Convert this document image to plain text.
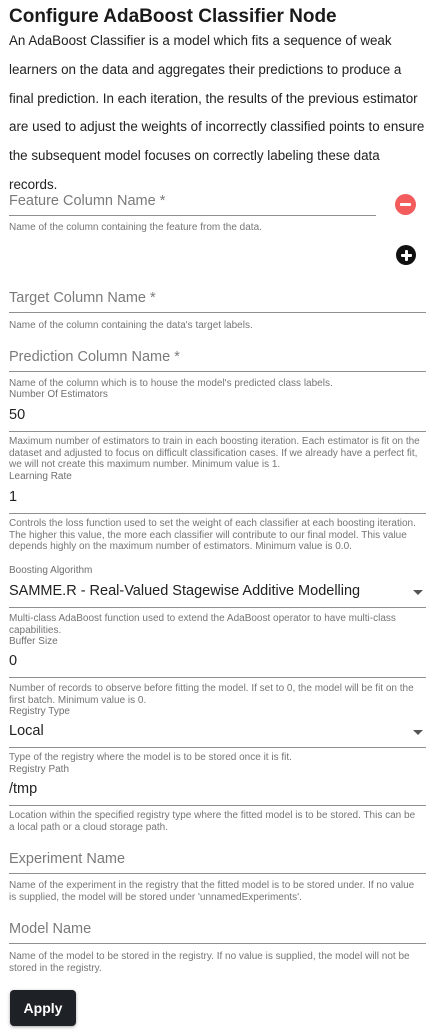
Configure AdaBoost Classifier Node
An AdaBoost Classifier is a model which fits a sequence of weak learners on the data and aggregates their predictions to produce a final prediction. In each iteration, the results of the previous estimator are used to adjust the weights of incorrectly classified points to ensure the subsequent model focuses on correctly labeling these data records.
Feature Column Name *
Name of the column containing the feature from the data.
Target Column Name *
Name of the column containing the data's target labels.
Prediction Column Name *
Name of the column which is to house the model's predicted class labels.
Number Of Estimators
50
Maximum number of estimators to train in each boosting iteration. Each estimator is fit on the dataset and adjusted to focus on difficult classification cases. If we already have a perfect fit, we will not create this maximum number. Minimum value is 1.
Learning Rate
1
Controls the loss function used to set the weight of each classifier at each boosting iteration. The higher this value, the more each classifier will contribute to our final model. This value depends highly on the maximum number of estimators. Minimum value is 0.0.
Boosting Algorithm
SAMME.R - Real-Valued Stagewise Additive Modelling
Multi-class AdaBoost function used to extend the AdaBoost operator to have multi-class capabilities.
Buffer Size
0
Number of records to observe before fitting the model. If set to 0, the model will be fit on the first batch. Minimum value is 0.
Registry Type
Local
Type of the registry where the model is to be stored once it is fit.
Registry Path
/tmp
Location within the specified registry type where the fitted model is to be stored. This can be a local path or a cloud storage path.
Experiment Name
Name of the experiment in the registry that the fitted model is to be stored under. If no value is supplied, the model will be stored under 'unnamedExperiments'.
Model Name
Name of the model to be stored in the registry. If no value is supplied, the model will not be stored in the registry.
Apply
